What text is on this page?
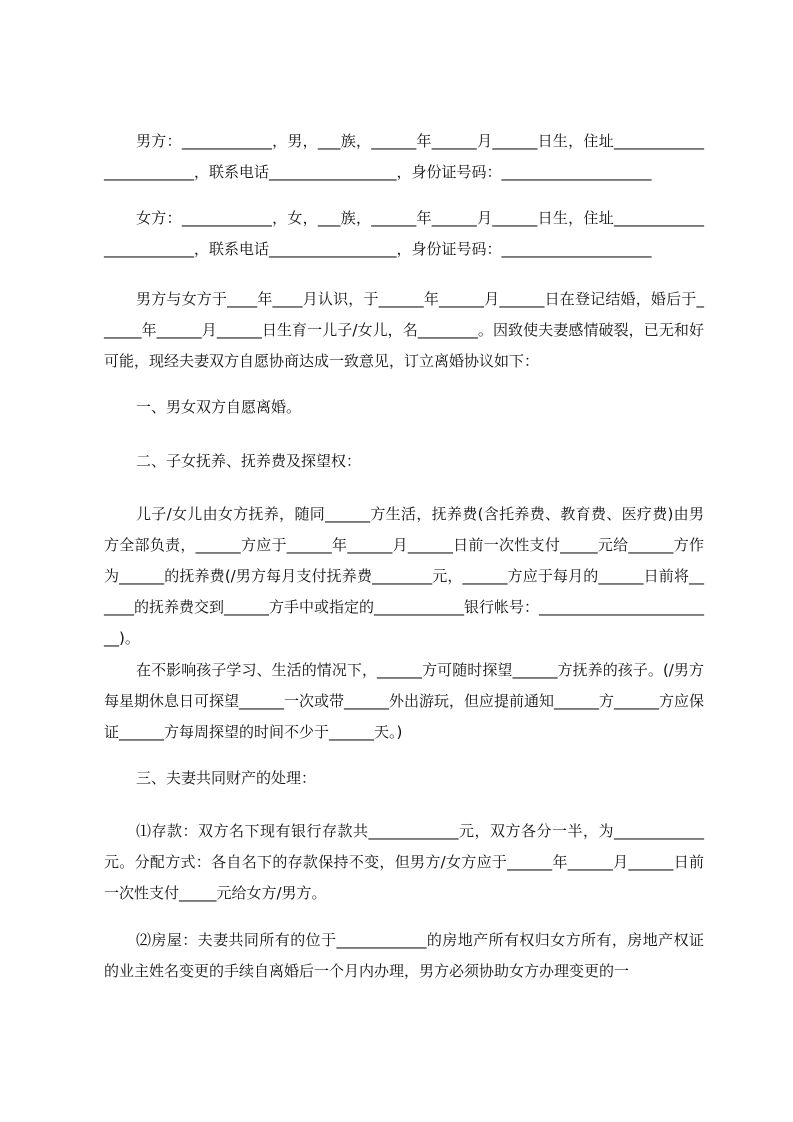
男方：____________，男，___族，______年______月______日生，住址________________________，联系电话_________________，身份证号码：____________________

女方：____________，女，___族，______年______月______日生，住址________________________，联系电话_________________，身份证号码：____________________

男方与女方于____年____月认识，于______年______月______日在登记结婚，婚后于______年______月______日生育一儿子/女儿，名________。因致使夫妻感情破裂，已无和好可能，现经夫妻双方自愿协商达成一致意见，订立离婚协议如下：

一、男女双方自愿离婚。

二、子女抚养、抚养费及探望权：

儿子/女儿由女方抚养，随同______方生活，抚养费(含托养费、教育费、医疗费)由男方全部负责，______方应于______年______月______日前一次性支付_____元给______方作为______的抚养费(/男方每月支付抚养费________元，______方应于每月的______日前将______的抚养费交到______方手中或指定的____________银行帐号：________________________)。

在不影响孩子学习、生活的情况下，______方可随时探望______方抚养的孩子。(/男方每星期休息日可探望______一次或带______外出游玩，但应提前通知______方______方应保证______方每周探望的时间不少于______天。)

三、夫妻共同财产的处理：

⑴存款：双方名下现有银行存款共____________元，双方各分一半，为____________元。分配方式：各自名下的存款保持不变，但男方/女方应于______年______月______日前一次性支付_____元给女方/男方。

⑵房屋：夫妻共同所有的位于____________的房地产所有权归女方所有，房地产权证的业主姓名变更的手续自离婚后一个月内办理，男方必须协助女方办理变更的一
